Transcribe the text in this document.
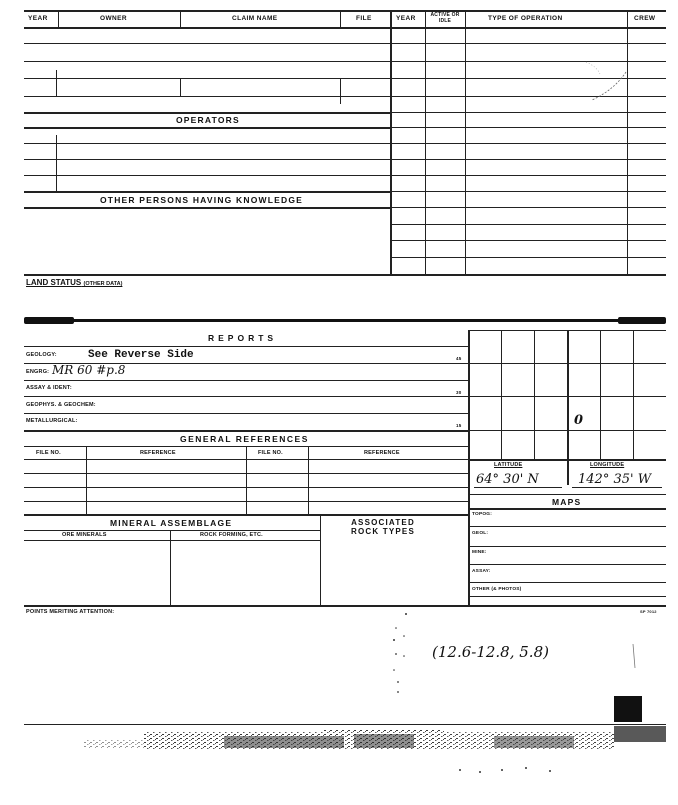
YEAR	OWNER	CLAIM NAME	FILE	YEAR	ACTIVE OR IDLE	TYPE OF OPERATION	CREW
OPERATORS
OTHER PERSONS HAVING KNOWLEDGE
LAND STATUS (OTHER DATA)
REPORTS
GEOLOGY:	See Reverse Side	45
ENGRG: MR 60 #p.8
ASSAY & IDENT:
30
GEOPHYS. & GEOCHEM:
METALLURGICAL:
15
GENERAL REFERENCES
FILE NO.	REFERENCE	FILE NO.	REFERENCE
MINERAL ASSEMBLAGE	ASSOCIATED ROCK TYPES
ORE MINERALS	ROCK FORMING, ETC.
0
LATITUDE	LONGITUDE
64° 30' N	142° 35' W
MAPS
TOPOG:
GEOL:
MINE:
ASSAY:
OTHER (& PHOTOS)
POINTS MERITING ATTENTION:	SP 7012
(12.6-12.8, 5.8)
